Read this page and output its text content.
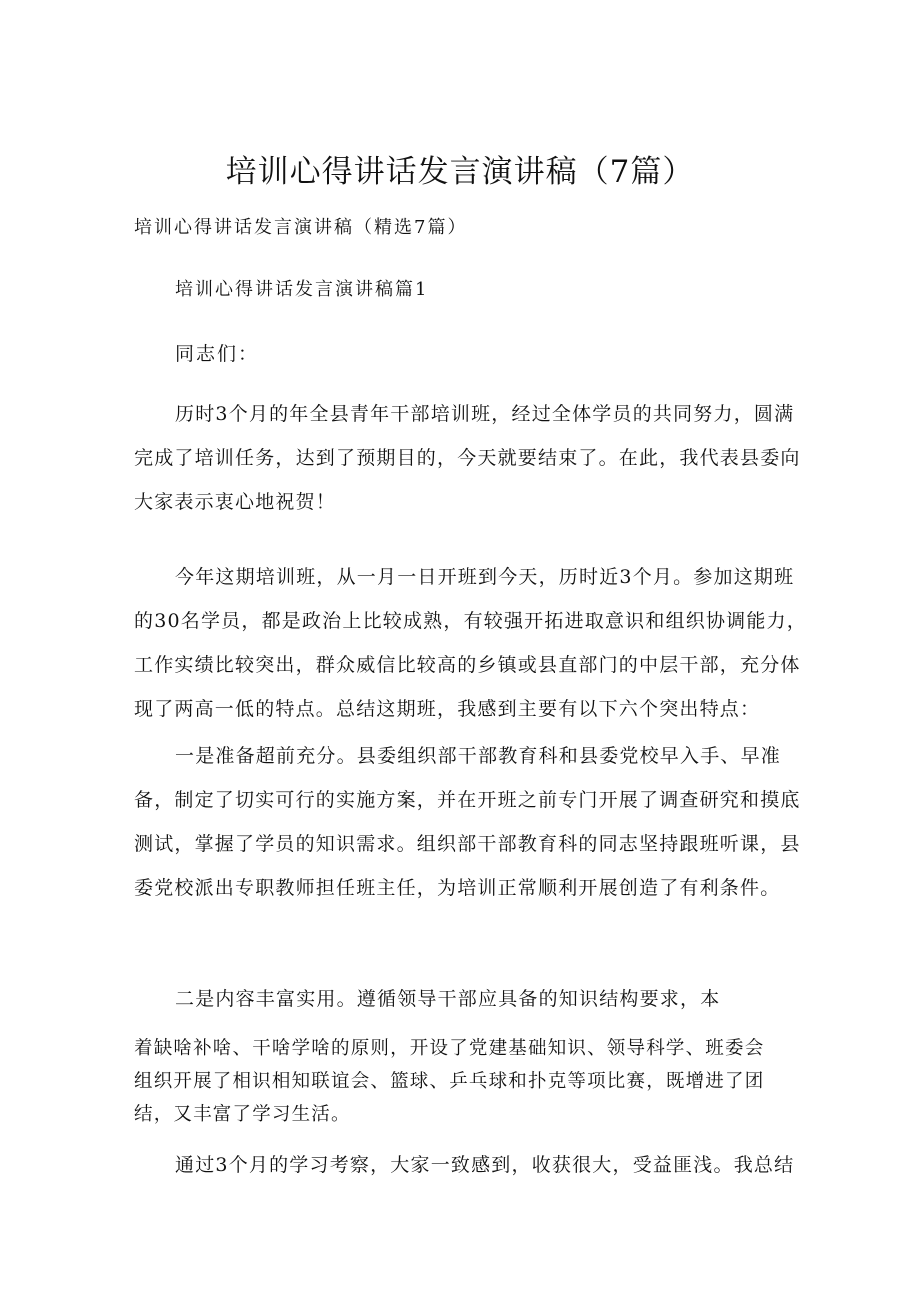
培训心得讲话发言演讲稿（7篇）
培训心得讲话发言演讲稿（精选7篇）
培训心得讲话发言演讲稿篇1
同志们：
历时3个月的年全县青年干部培训班，经过全体学员的共同努力，圆满
完成了培训任务，达到了预期目的，今天就要结束了。在此，我代表县委向
大家表示衷心地祝贺！
今年这期培训班，从一月一日开班到今天，历时近3个月。参加这期班
的30名学员，都是政治上比较成熟，有较强开拓进取意识和组织协调能力，
工作实绩比较突出，群众威信比较高的乡镇或县直部门的中层干部，充分体
现了两高一低的特点。总结这期班，我感到主要有以下六个突出特点：
一是准备超前充分。县委组织部干部教育科和县委党校早入手、早准
备，制定了切实可行的实施方案，并在开班之前专门开展了调查研究和摸底
测试，掌握了学员的知识需求。组织部干部教育科的同志坚持跟班听课，县
委党校派出专职教师担任班主任，为培训正常顺利开展创造了有利条件。
二是内容丰富实用。遵循领导干部应具备的知识结构要求，本
着缺啥补啥、干啥学啥的原则，开设了党建基础知识、领导科学、班委会
组织开展了相识相知联谊会、篮球、乒乓球和扑克等项比赛，既增进了团
结，又丰富了学习生活。
通过3个月的学习考察，大家一致感到，收获很大，受益匪浅。我总结
